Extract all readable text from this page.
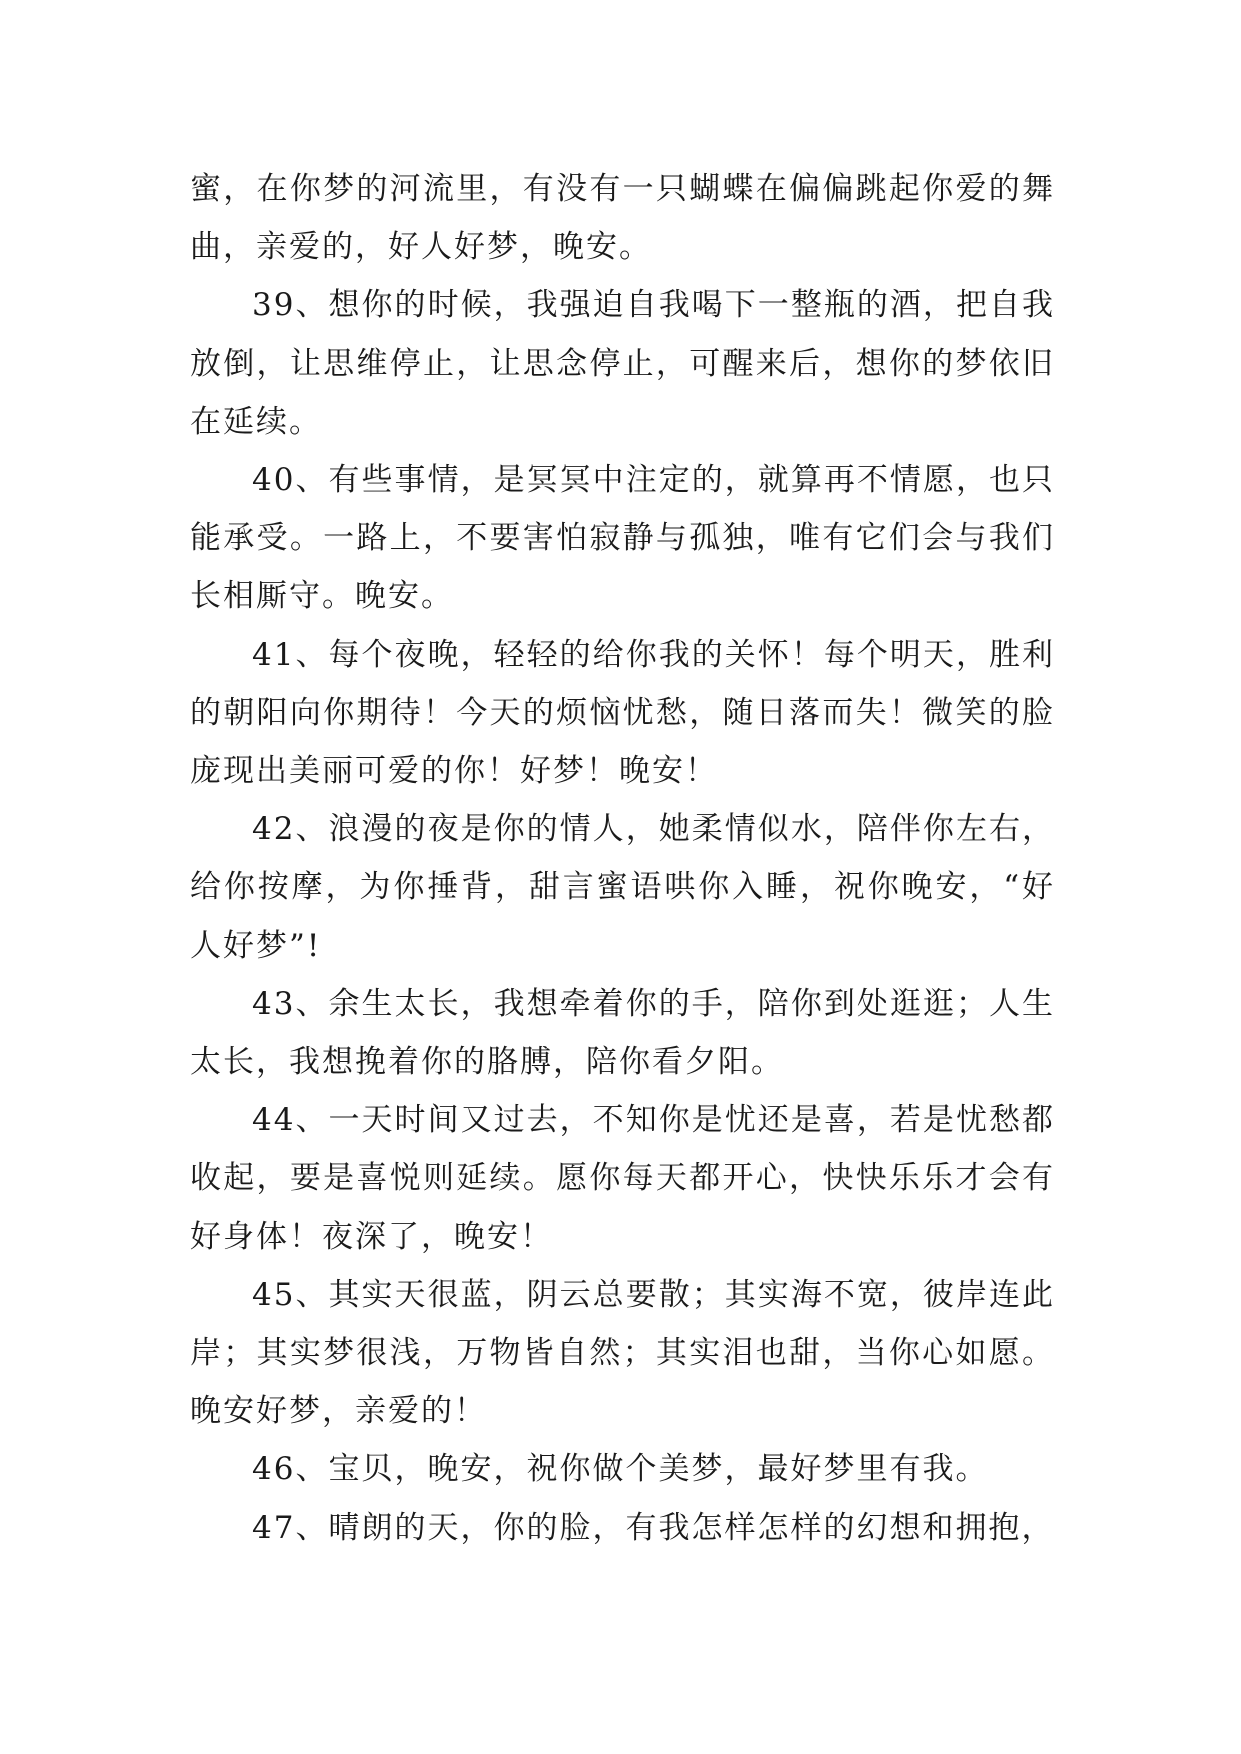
蜜，在你梦的河流里，有没有一只蝴蝶在偏偏跳起你爱的舞曲，亲爱的，好人好梦，晚安。

39、想你的时候，我强迫自我喝下一整瓶的酒，把自我放倒，让思维停止，让思念停止，可醒来后，想你的梦依旧在延续。

40、有些事情，是冥冥中注定的，就算再不情愿，也只能承受。一路上，不要害怕寂静与孤独，唯有它们会与我们长相厮守。晚安。

41、每个夜晚，轻轻的给你我的关怀！每个明天，胜利的朝阳向你期待！今天的烦恼忧愁，随日落而失！微笑的脸庞现出美丽可爱的你！好梦！晚安！

42、浪漫的夜是你的情人，她柔情似水，陪伴你左右，给你按摩，为你捶背，甜言蜜语哄你入睡，祝你晚安，“好人好梦”!

43、余生太长，我想牵着你的手，陪你到处逛逛；人生太长，我想挽着你的胳膊，陪你看夕阳。

44、一天时间又过去，不知你是忧还是喜，若是忧愁都收起，要是喜悦则延续。愿你每天都开心，快快乐乐才会有好身体！夜深了，晚安！

45、其实天很蓝，阴云总要散；其实海不宽，彼岸连此岸；其实梦很浅，万物皆自然；其实泪也甜，当你心如愿。晚安好梦，亲爱的！

46、宝贝，晚安，祝你做个美梦，最好梦里有我。

47、晴朗的天，你的脸，有我怎样怎样的幻想和拥抱，
